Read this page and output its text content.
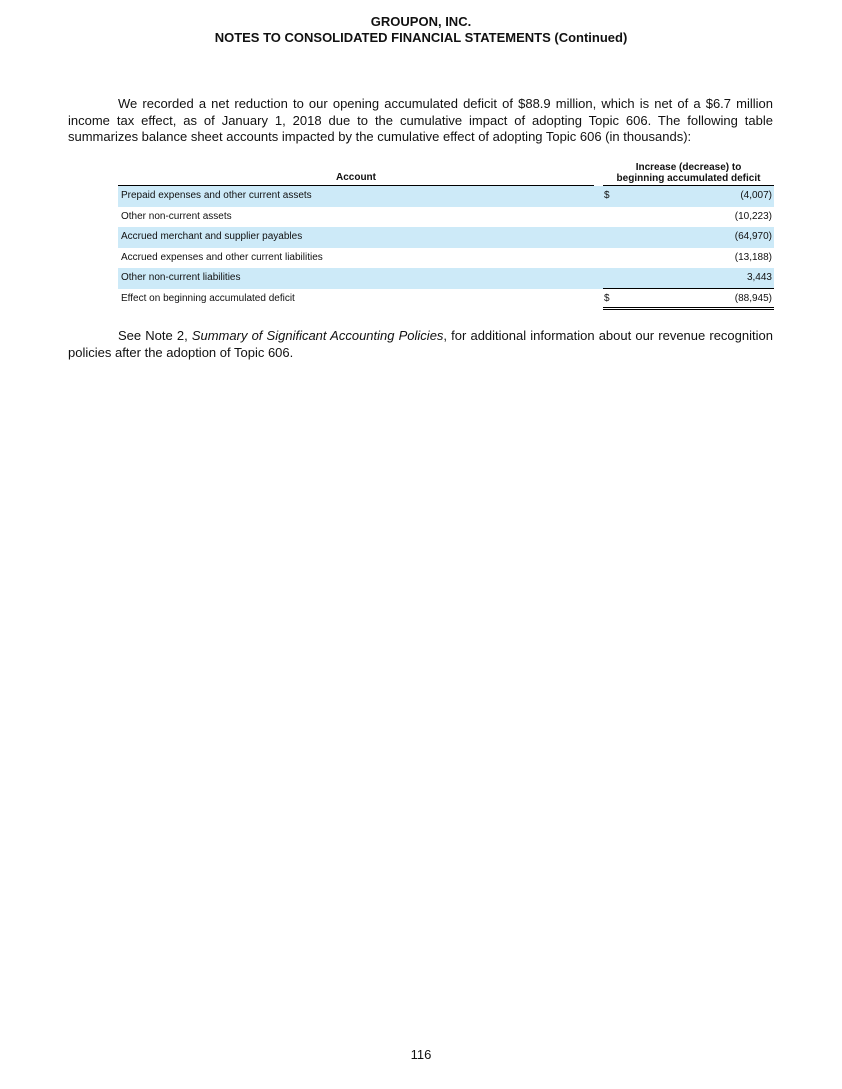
GROUPON, INC.
NOTES TO CONSOLIDATED FINANCIAL STATEMENTS (Continued)

We recorded a net reduction to our opening accumulated deficit of $88.9 million, which is net of a $6.7 million income tax effect, as of January 1, 2018 due to the cumulative impact of adopting Topic 606. The following table summarizes balance sheet accounts impacted by the cumulative effect of adopting Topic 606 (in thousands):

Account
Increase (decrease) to
beginning accumulated deficit
Prepaid expenses and other current assets	$	(4,007)
Other non-current assets	(10,223)
Accrued merchant and supplier payables	(64,970)
Accrued expenses and other current liabilities	(13,188)
Other non-current liabilities	3,443
Effect on beginning accumulated deficit	$	(88,945)

See Note 2, Summary of Significant Accounting Policies, for additional information about our revenue recognition policies after the adoption of Topic 606.

116
